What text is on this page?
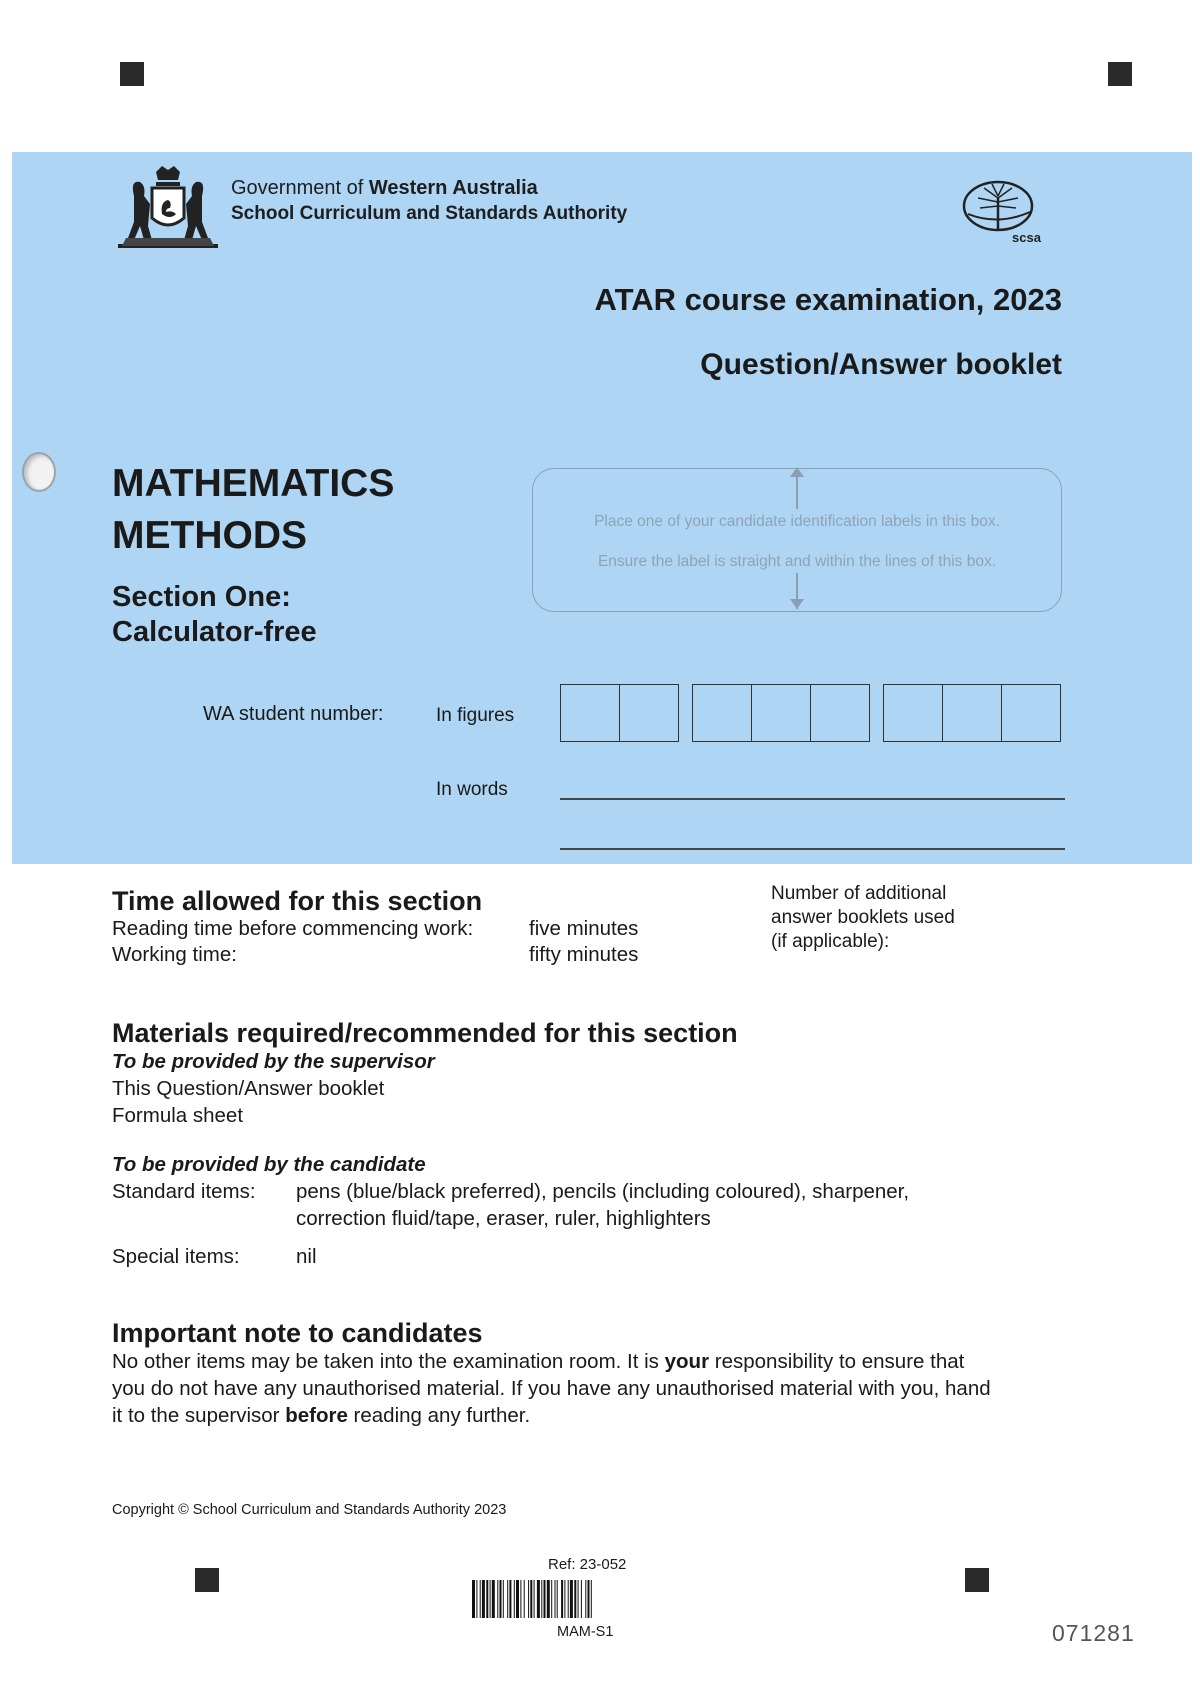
Government of Western Australia
School Curriculum and Standards Authority
scsa
ATAR course examination, 2023
Question/Answer booklet
MATHEMATICS
METHODS
Section One:
Calculator-free
Place one of your candidate identification labels in this box.
Ensure the label is straight and within the lines of this box.
WA student number:	In figures
In words
Time allowed for this section
Reading time before commencing work:	five minutes
Working time:	fifty minutes
Number of additional
answer booklets used
(if applicable):
Materials required/recommended for this section
To be provided by the supervisor
This Question/Answer booklet
Formula sheet
To be provided by the candidate
Standard items: pens (blue/black preferred), pencils (including coloured), sharpener,
correction fluid/tape, eraser, ruler, highlighters
Special items:	nil
Important note to candidates
No other items may be taken into the examination room. It is your responsibility to ensure that
you do not have any unauthorised material. If you have any unauthorised material with you, hand
it to the supervisor before reading any further.
Copyright © School Curriculum and Standards Authority 2023
Ref: 23-052
MAM-S1	071281
